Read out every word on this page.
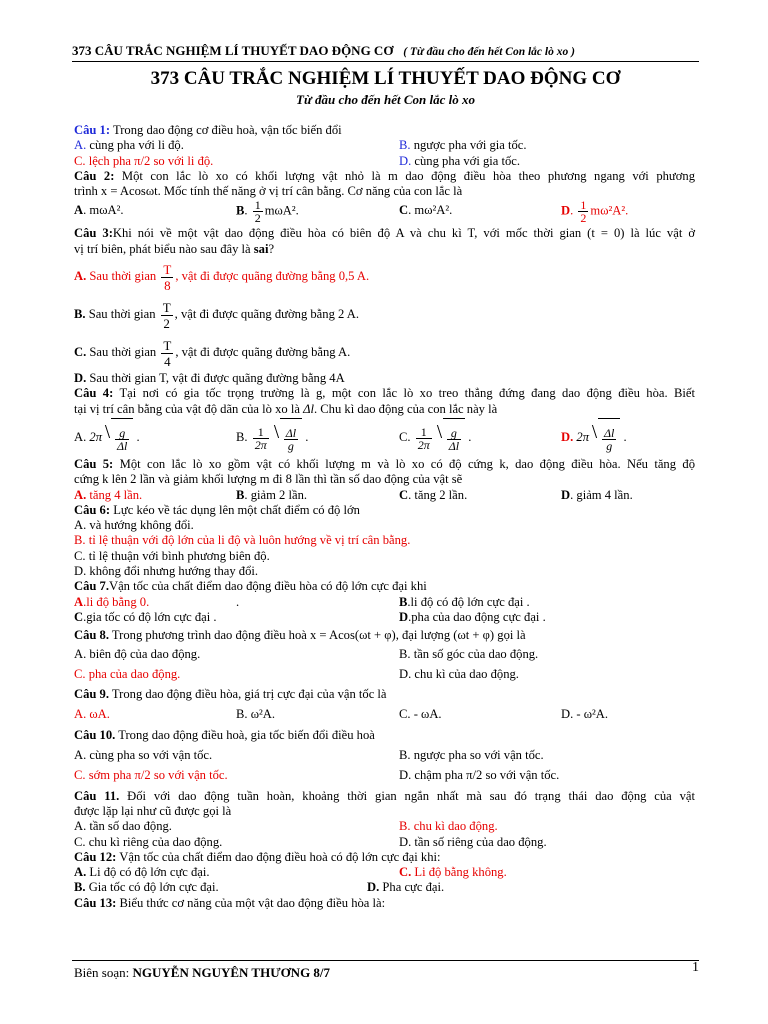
373 CÂU TRẮC NGHIỆM LÍ THUYẾT DAO ĐỘNG CƠ ( Từ đầu cho đến hết Con lắc lò xo )
373 CÂU TRẮC NGHIỆM LÍ THUYẾT DAO ĐỘNG CƠ
Từ đầu cho đến hết Con lắc lò xo
Câu 1: Trong dao động cơ điều hoà, vận tốc biến đổi
A. cùng pha với li độ.	B. ngược pha với gia tốc.
C. lệch pha π/2 so với li độ.	D. cùng pha với gia tốc.
Câu 2: Một con lắc lò xo có khối lượng vật nhỏ là m dao động điều hòa theo phương ngang với phương
trình x = Acosωt. Mốc tính thế năng ở vị trí cân bằng. Cơ năng của con lắc là
A. mωA².	B. $\frac{1}{2} m\omega A^2$.	C. mω²A².	D. $\frac{1}{2} m\omega^2A^2$.
Câu 3:Khi nói về một vật dao động điều hòa có biên độ A và chu kì T, với mốc thời gian (t = 0) là lúc vật ở
vị trí biên, phát biểu nào sau đây là sai?
A. Sau thời gian $\frac{T}{8}$ , vật đi được quãng đường bằng 0,5 A.
B. Sau thời gian $\frac{T}{2}$ , vật đi được quãng đường bằng 2 A.
C. Sau thời gian $\frac{T}{4}$ , vật đi được quãng đường bằng A.
D. Sau thời gian T, vật đi được quãng đường bằng 4A
Câu 4: Tại nơi có gia tốc trọng trường là g, một con lắc lò xo treo thẳng đứng đang dao động điều hòa. Biết
tại vị trí cân bằng của vật độ dãn của lò xo là Δl. Chu kì dao động của con lắc này là
A. $2\pi \frac{g}{\Delta l}$ .	B. $\frac{1}{2\pi} \frac{\Delta l}{g}$ .	C. $\frac{1}{2\pi} \frac{g}{\Delta l}$ .	D. $2\pi \frac{\Delta l}{g}$ .
Câu 5: Một con lắc lò xo gồm vật có khối lượng m và lò xo có độ cứng k, dao động điều hòa. Nếu tăng độ
cứng k lên 2 lần và giảm khối lượng m đi 8 lần thì tần số dao động của vật sẽ
A. tăng 4 lần.	B. giảm 2 lần.	C. tăng 2 lần.	D. giảm 4 lần.
Câu 6: Lực kéo về tác dụng lên một chất điểm có độ lớn
A. và hướng không đổi.
B. tỉ lệ thuận với độ lớn của li độ và luôn hướng về vị trí cân bằng.
C. tỉ lệ thuận với bình phương biên độ.
D. không đổi nhưng hướng thay đổi.
Câu 7.Vận tốc của chất điểm dao động điều hòa có độ lớn cực đại khi
A.li độ bằng 0.	.	B.li độ có độ lớn cực đại .
C.gia tốc có độ lớn cực đại .	D.pha của dao động cực đại .
Câu 8. Trong phương trình dao động điều hoà x = Acos(ωt + φ), đại lượng (ωt + φ) gọi là
A. biên độ của dao động.	B. tần số góc của dao động.
C. pha của dao động.	D. chu kì của dao động.
Câu 9. Trong dao động điều hòa, giá trị cực đại của vận tốc là
A. ωA.	B. ω²A.	C. - ωA.	D. - ω²A.
Câu 10. Trong dao động điều hoà, gia tốc biến đổi điều hoà
A. cùng pha so với vận tốc.	B. ngược pha so với vận tốc.
C. sớm pha π/2 so với vận tốc.	D. chậm pha π/2 so với vận tốc.
Câu 11. Đối với dao động tuần hoàn, khoảng thời gian ngắn nhất mà sau đó trạng thái dao động của vật
được lặp lại như cũ được gọi là
A. tần số dao động.	B. chu kì dao động.
C. chu kì riêng của dao động.	D. tần số riêng của dao động.
Câu 12: Vận tốc của chất điểm dao động điều hoà có độ lớn cực đại khi:
A. Li độ có độ lớn cực đại.	C. Li độ bằng không.
B. Gia tốc có độ lớn cực đại.	D. Pha cực đại.
Câu 13: Biểu thức cơ năng của một vật dao động điều hòa là:
Biên soạn: NGUYỄN NGUYÊN THƯƠNG 8/7	1
